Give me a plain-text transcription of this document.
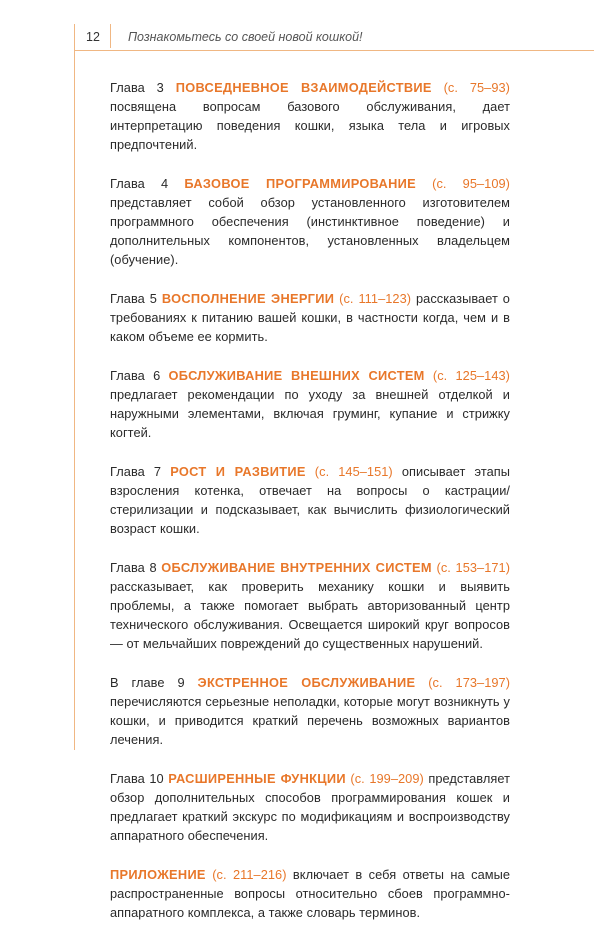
12	Познакомьтесь со своей новой кошкой!

Глава 3 ПОВСЕДНЕВНОЕ ВЗАИМОДЕЙСТВИЕ (с. 75–93) посвящена вопросам базового обслуживания, дает интерпретацию поведения кошки, языка тела и игровых предпочтений.

Глава 4 БАЗОВОЕ ПРОГРАММИРОВАНИЕ (с. 95–109) представляет собой обзор установленного изготовителем программного обеспечения (инстинктивное поведение) и дополнительных компонентов, установленных владельцем (обучение).

Глава 5 ВОСПОЛНЕНИЕ ЭНЕРГИИ (с. 111–123) рассказывает о требованиях к питанию вашей кошки, в частности когда, чем и в каком объеме ее кормить.

Глава 6 ОБСЛУЖИВАНИЕ ВНЕШНИХ СИСТЕМ (с. 125–143) предлагает рекомендации по уходу за внешней отделкой и наружными элементами, включая груминг, купание и стрижку когтей.

Глава 7 РОСТ И РАЗВИТИЕ (с. 145–151) описывает этапы взросления котенка, отвечает на вопросы о кастрации/стерилизации и подсказывает, как вычислить физиологический возраст кошки.

Глава 8 ОБСЛУЖИВАНИЕ ВНУТРЕННИХ СИСТЕМ (с. 153–171) рассказывает, как проверить механику кошки и выявить проблемы, а также помогает выбрать авторизованный центр технического обслуживания. Освещается широкий круг вопросов — от мельчайших повреждений до существенных нарушений.

В главе 9 ЭКСТРЕННОЕ ОБСЛУЖИВАНИЕ (с. 173–197) перечисляются серьезные неполадки, которые могут возникнуть у кошки, и приводится краткий перечень возможных вариантов лечения.

Глава 10 РАСШИРЕННЫЕ ФУНКЦИИ (с. 199–209) представляет обзор дополнительных способов программирования кошек и предлагает краткий экскурс по модификациям и воспроизводству аппаратного обеспечения.

ПРИЛОЖЕНИЕ (с. 211–216) включает в себя ответы на самые распространенные вопросы относительно сбоев программно-аппаратного комплекса, а также словарь терминов.
